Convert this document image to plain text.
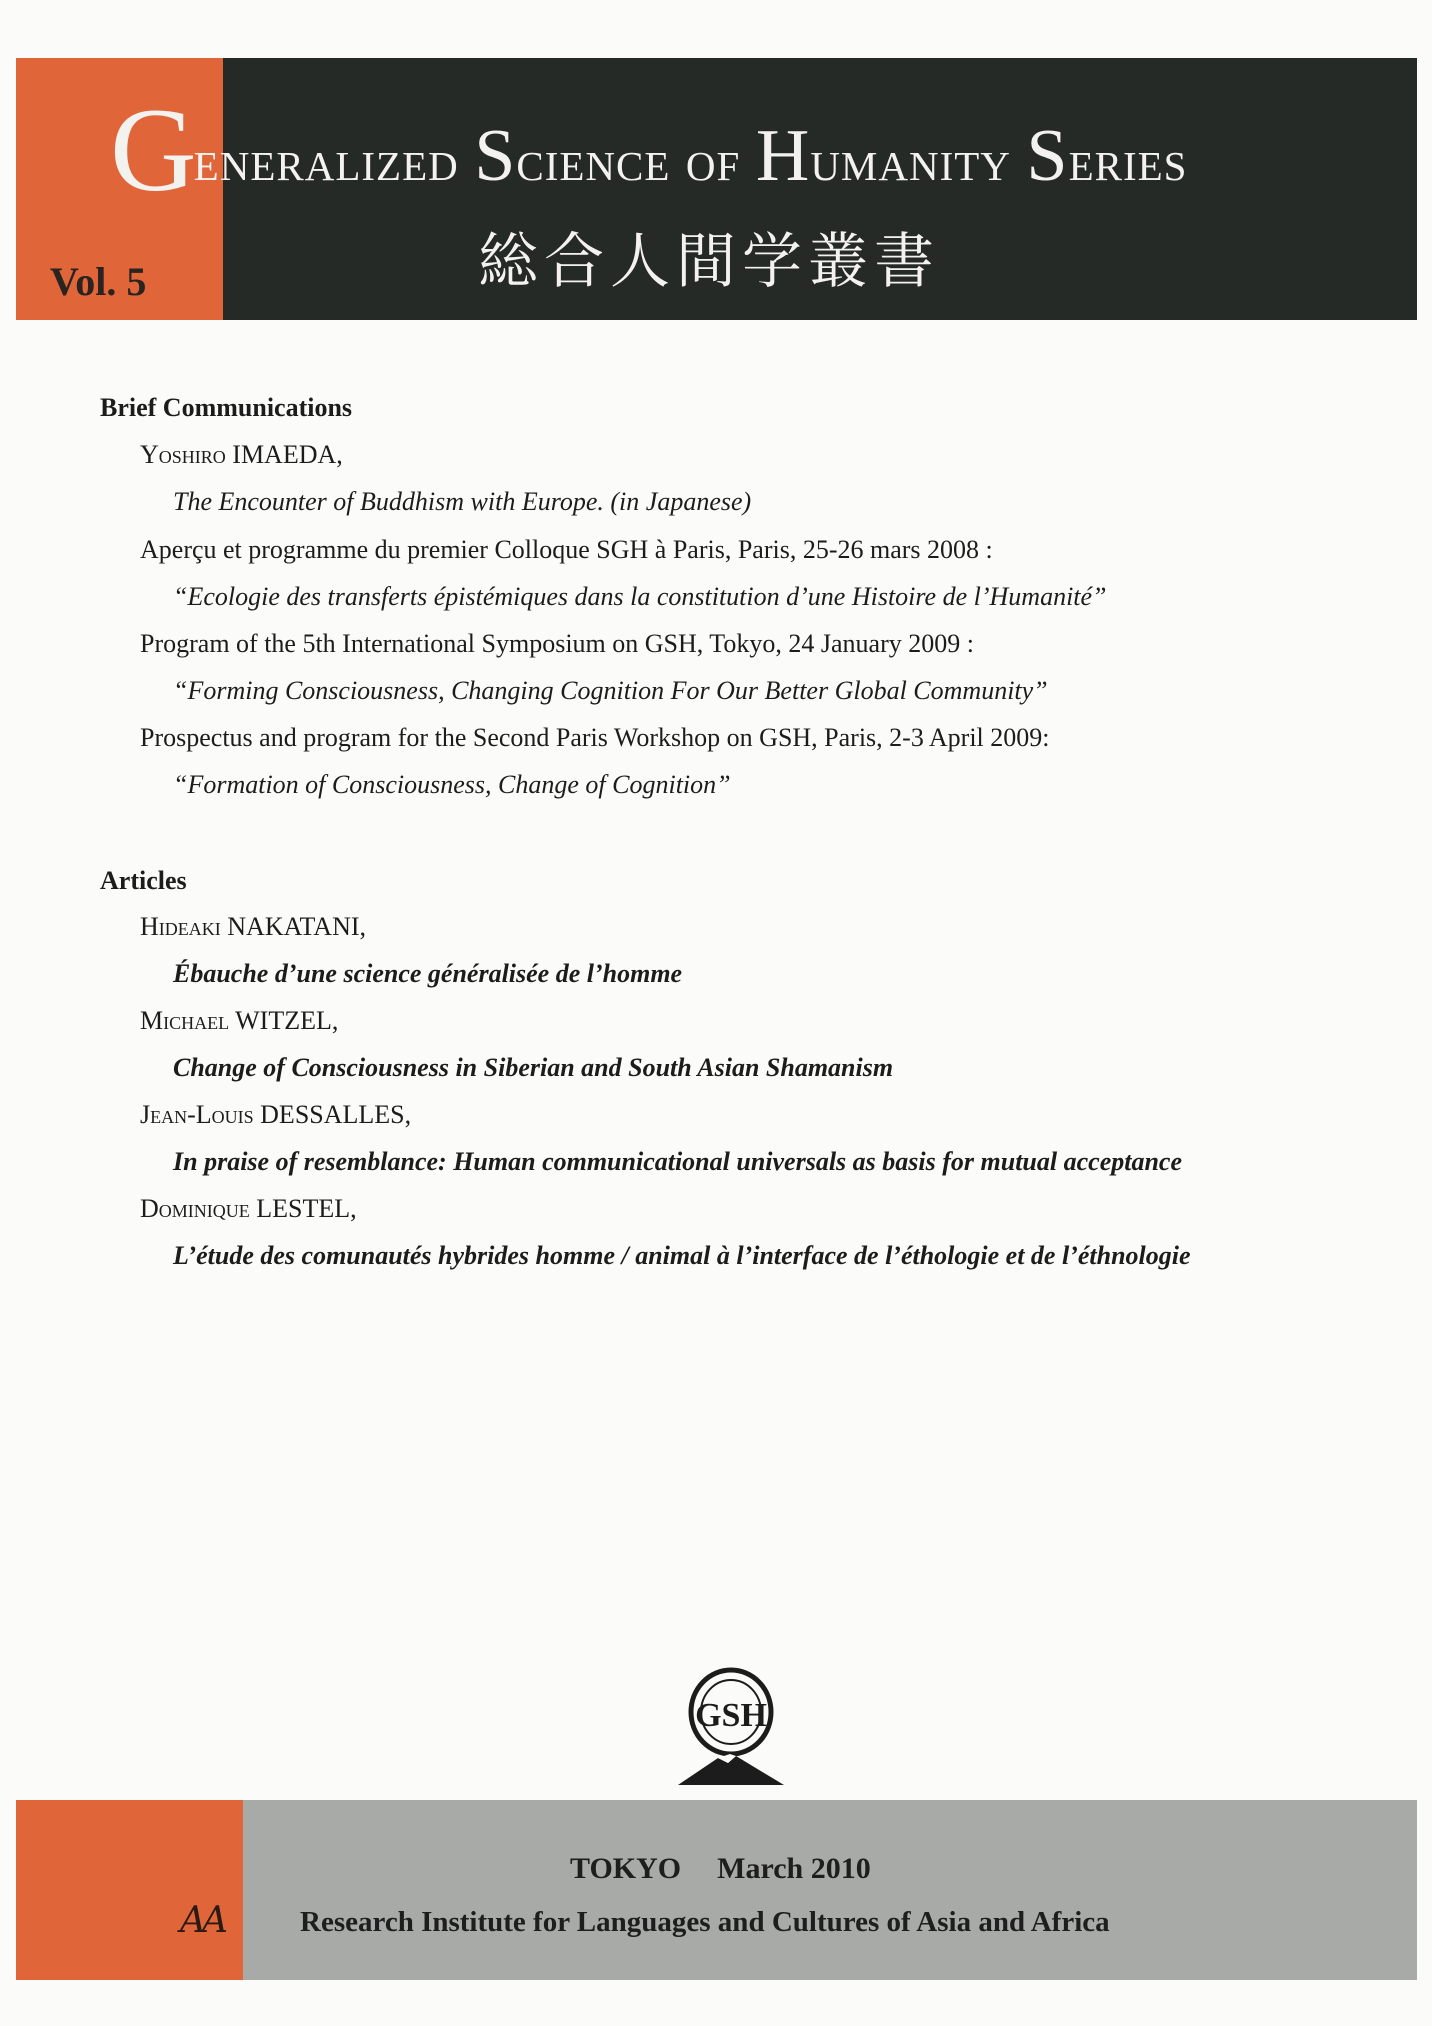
Generalized Science of Humanity Series
総合人間学叢書
Vol. 5
Brief Communications
Yoshiro IMAEDA,
The Encounter of Buddhism with Europe. (in Japanese)
Aperçu et programme du premier Colloque SGH à Paris, Paris, 25-26 mars 2008 :
“Ecologie des transferts épistémiques dans la constitution d’une Histoire de l’Humanité”
Program of the 5th International Symposium on GSH, Tokyo, 24 January 2009 :
“Forming Consciousness, Changing Cognition For Our Better Global Community”
Prospectus and program for the Second Paris Workshop on GSH, Paris, 2-3 April 2009:
“Formation of Consciousness, Change of Cognition”
Articles
Hideaki NAKATANI,
Ébauche d’une science généralisée de l’homme
Michael WITZEL,
Change of Consciousness in Siberian and South Asian Shamanism
Jean-Louis DESSALLES,
In praise of resemblance: Human communicational universals as basis for mutual acceptance
Dominique LESTEL,
L’étude des comunautés hybrides homme / animal à l’interface de l’éthologie et de l’éthnologie
GSH
AA
TOKYO March 2010
Research Institute for Languages and Cultures of Asia and Africa
